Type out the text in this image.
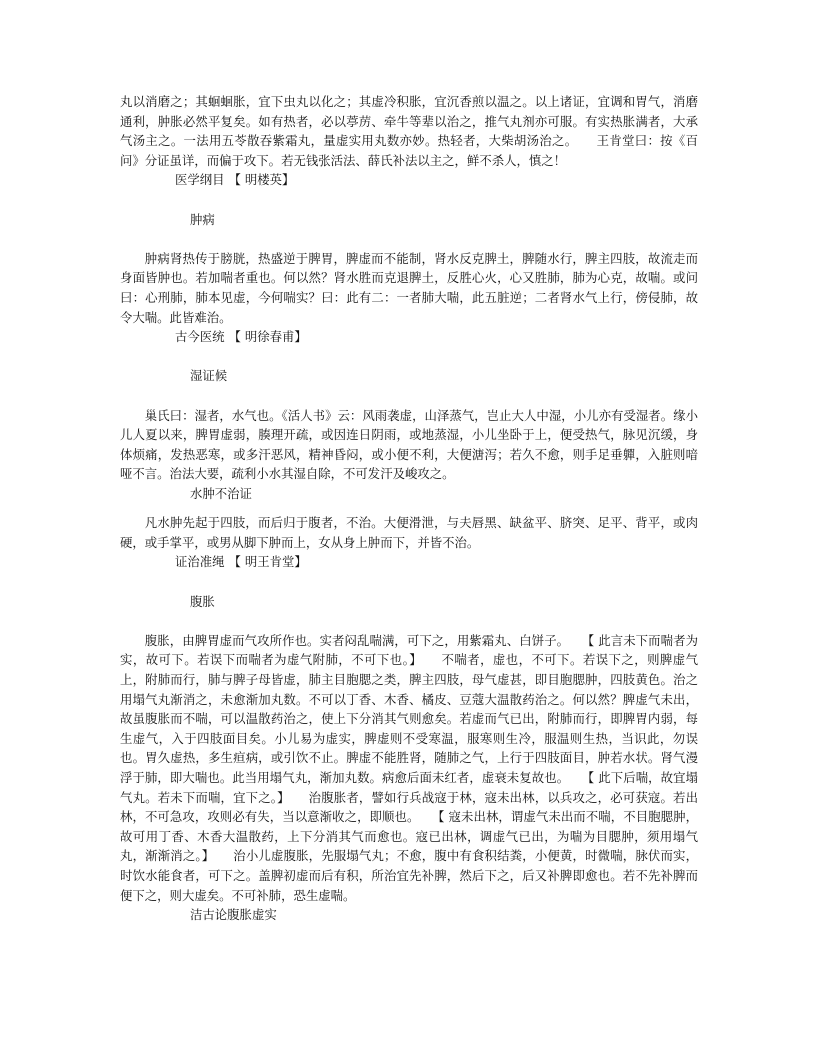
丸以消磨之；其蛔蛔胀，宜下虫丸以化之；其虚冷积胀，宜沉香煎以温之。以上诸证，宜调和胃气，消磨通利，肿胀必然平复矣。如有热者，必以葶苈、牵牛等辈以治之，推气丸剂亦可服。有实热胀满者，大承气汤主之。一法用五苓散吞紫霜丸，量虚实用丸数亦妙。热轻者，大柴胡汤治之。　　王肯堂曰：按《百问》分证虽详，而偏于攻下。若无钱张活法、薛氏补法以主之，鲜不杀人，慎之！

医学纲目 【 明楼英】

肿病

肿病肾热传于膀胱，热盛逆于脾胃，脾虚而不能制，肾水反克脾土，脾随水行，脾主四肢，故流走而身面皆肿也。若加喘者重也。何以然？肾水胜而克退脾土，反胜心火，心又胜肺，肺为心克，故喘。或问曰：心刑肺，肺本见虚，今何喘实？曰：此有二：一者肺大喘，此五脏逆；二者肾水气上行，傍侵肺，故令大喘。此皆难治。

古今医统 【 明徐春甫】

湿证候

巢氏曰：湿者，水气也。《活人书》云：风雨袭虚，山泽蒸气，岂止大人中湿，小儿亦有受湿者。缘小儿人夏以来，脾胃虚弱，腠理开疏，或因连日阴雨，或地蒸湿，小儿坐卧于上，便受热气，脉见沉缓，身体烦痛，发热恶寒，或多汗恶风，精神昏闷，或小便不利，大便溏泻；若久不愈，则手足垂軃，入脏则喑哑不言。治法大要，疏利小水其湿自除，不可发汗及峻攻之。

水肿不治证

凡水肿先起于四肢，而后归于腹者，不治。大便滑泄，与夫唇黑、缺盆平、脐突、足平、背平，或肉硬，或手掌平，或男从脚下肿而上，女从身上肿而下，并皆不治。

证治准绳 【 明王肯堂】

腹胀

腹胀，由脾胃虚而气攻所作也。实者闷乱喘满，可下之，用紫霜丸、白饼子。　　【 此言未下而喘者为实，故可下。若误下而喘者为虚气附肺，不可下也。】　　不喘者，虚也，不可下。若误下之，则脾虚气上，附肺而行，肺与脾子母皆虚，肺主目胞腮之类，脾主四肢，母气虚甚，即目胞腮肿，四肢黄色。治之用塌气丸渐消之，未愈渐加丸数。不可以丁香、木香、橘皮、豆蔻大温散药治之。何以然？脾虚气未出，故虽腹胀而不喘，可以温散药治之，使上下分消其气则愈矣。若虚而气已出，附肺而行，即脾胃内弱，每生虚气，入于四肢面目矣。小儿易为虚实，脾虚则不受寒温，服寒则生冷，服温则生热，当识此，勿误也。胃久虚热，多生疸病，或引饮不止。脾虚不能胜肾，随肺之气，上行于四肢面目，肿若水状。肾气漫浮于肺，即大喘也。此当用塌气丸，渐加丸数。病愈后面未红者，虚衰未复故也。　　【 此下后喘，故宜塌气丸。若未下而喘，宜下之。】　　治腹胀者，譬如行兵战寇于林，寇未出林，以兵攻之，必可获寇。若出林，不可急攻，攻则必有失，当以意渐收之，即顺也。　　【 寇未出林，谓虚气未出而不喘，不目胞腮肿，故可用丁香、木香大温散药，上下分消其气而愈也。寇已出林，调虚气已出，为喘为目腮肿，须用塌气丸，渐渐消之。】　　治小儿虚腹胀，先服塌气丸；不愈，腹中有食积结粪，小便黄，时微喘，脉伏而实，时饮水能食者，可下之。盖脾初虚而后有积，所治宜先补脾，然后下之，后又补脾即愈也。若不先补脾而便下之，则大虚矣。不可补肺，恐生虚喘。

洁古论腹胀虚实
